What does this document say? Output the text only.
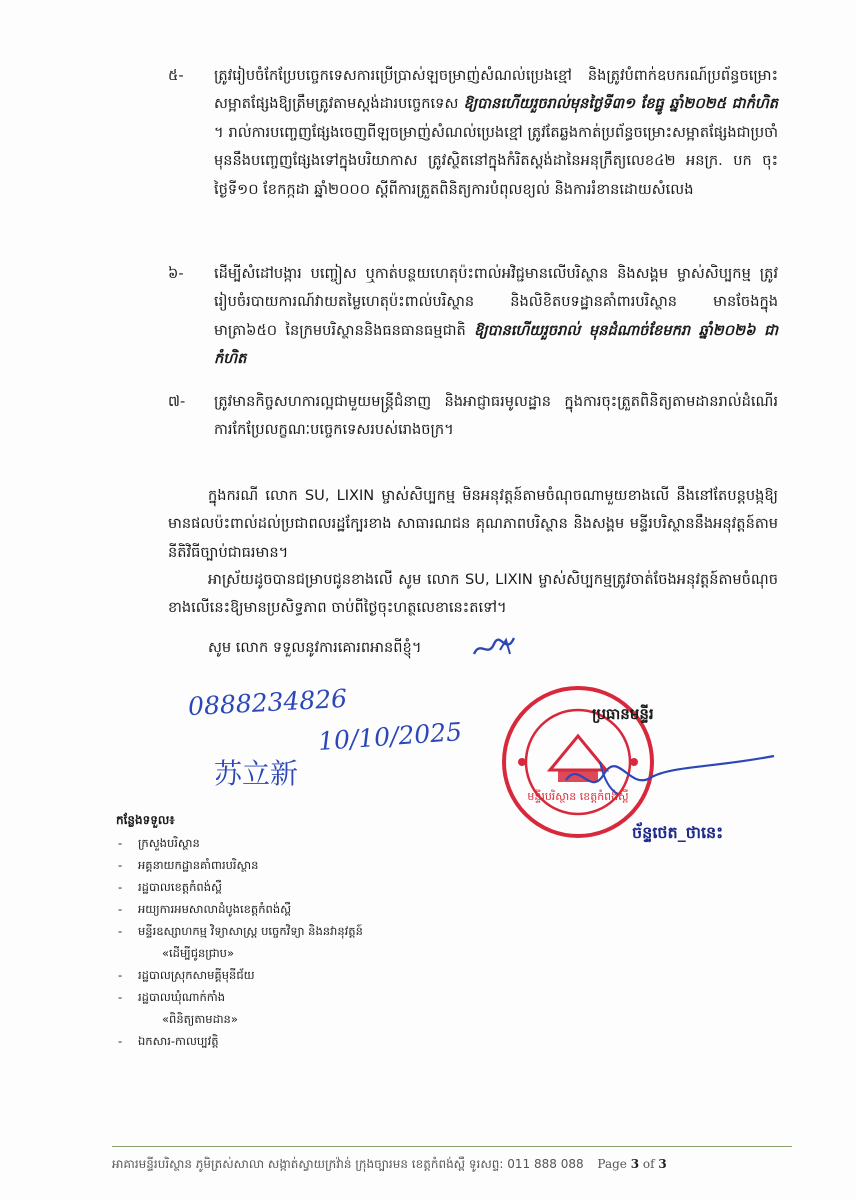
៥-	ត្រូវរៀបចំកែប្រែបច្ចេកទេសការប្រើប្រាស់ឡចម្រាញ់សំណល់ប្រេងខ្មៅ និងត្រូវបំពាក់ឧបករណ៍ប្រព័ន្ធចម្រោះសម្អាតផ្សែងឱ្យត្រឹមត្រូវតាមស្តង់ដារបច្ចេកទេស ឱ្យបានហើយរួចរាល់មុនថ្ងៃទី៣១ ខែធ្នូ ឆ្នាំ២០២៥ ជាកំហិត ។ រាល់ការបញ្ចេញផ្សែងចេញពីឡចម្រាញ់សំណល់ប្រេងខ្មៅ ត្រូវតែឆ្លងកាត់ប្រព័ន្ធចម្រោះសម្អាតផ្សែងជាប្រចាំ មុននឹងបញ្ចេញផ្សែងទៅក្នុងបរិយាកាស ត្រូវស្ថិតនៅក្នុងកំរិតស្តង់ដានៃអនុក្រឹត្យលេខ៤២ អនក្រ. បក ចុះថ្ងៃទី១០ ខែកក្កដា ឆ្នាំ២០០០ ស្តីពីការត្រួតពិនិត្យការបំពុលខ្យល់ និងការរំខានដោយសំលេង
៦-	ដើម្បីសំដៅបង្ការ បញ្ចៀស ឬកាត់បន្ថយហេតុប៉ះពាល់អវិជ្ជមានលើបរិស្ថាន និងសង្គម ម្ចាស់សិប្បកម្ម ត្រូវរៀបចំរបាយការណ៍វាយតម្លៃហេតុប៉ះពាល់បរិស្ថាន និងលិខិតបទដ្ឋានគាំពារបរិស្ថាន មានចែងក្នុងមាត្រា៦៥០ នៃក្រមបរិស្ថាននិងធនធានធម្មជាតិ ឱ្យបានហើយរួចរាល់ មុនដំណាច់ខែមករា ឆ្នាំ២០២៦ ជាកំហិត
៧-	ត្រូវមានកិច្ចសហការល្អជាមួយមន្ត្រីជំនាញ និងអាជ្ញាធរមូលដ្ឋាន ក្នុងការចុះត្រួតពិនិត្យតាមដានរាល់ដំណើរការកែប្រែលក្ខណៈបច្ចេកទេសរបស់រោងចក្រ។
ក្នុងករណី លោក SU, LIXIN ម្ចាស់សិប្បកម្ម មិនអនុវត្តន៍តាមចំណុចណាមួយខាងលើ នឹងនៅតែបន្តបង្កឱ្យមានផលប៉ះពាល់ដល់ប្រជាពលរដ្ឋក្បែរខាង សាធារណជន គុណភាពបរិស្ថាន និងសង្គម មន្ទីរបរិស្ថាននឹងអនុវត្តន៍តាមនីតិវិធីច្បាប់ជាធរមាន។
អាស្រ័យដូចបានជម្រាបជូនខាងលើ សូម លោក SU, LIXIN ម្ចាស់សិប្បកម្មត្រូវចាត់ចែងអនុវត្តន៍តាមចំណុចខាងលើនេះឱ្យមានប្រសិទ្ធភាព ចាប់ពីថ្ងៃចុះហត្ថលេខានេះតទៅ។
សូម លោក ទទួលនូវការគោរពអានពីខ្ញុំ។
0888234826
10/10/2025
苏立新
មន្ទីរបរិស្ថាន ខេត្តកំពង់ស្ពឺ
ប្រធានមន្ទីរ
ច័ន្ទថេត_ថានេះ
កន្លែងទទួល៖
- ក្រសួងបរិស្ថាន
- អគ្គនាយកដ្ឋានគាំពារបរិស្ថាន
- រដ្ឋបាលខេត្តកំពង់ស្ពឺ
- អយ្យការអមសាលាដំបូងខេត្តកំពង់ស្ពឺ
- មន្ទីរឧស្សាហកម្ម វិទ្យាសាស្ត្រ បច្ចេកវិទ្យា និងនវានុវត្តន៍
«ដើម្បីជូនជ្រាប»
- រដ្ឋបាលស្រុកសាមគ្គីមុនីជ័យ
- រដ្ឋបាលឃុំណាក់កាំង
«ពិនិត្យតាមដាន»
- ឯកសារ-កាលប្បវត្តិ
អាគារមន្ទីរបរិស្ថាន ភូមិត្រស់សាលា សង្កាត់ស្វាយក្រវ៉ាន់ ក្រុងច្បារមន ខេត្តកំពង់ស្ពឺ ទូរសព្ទ: 011 888 088 Page 3 of 3
